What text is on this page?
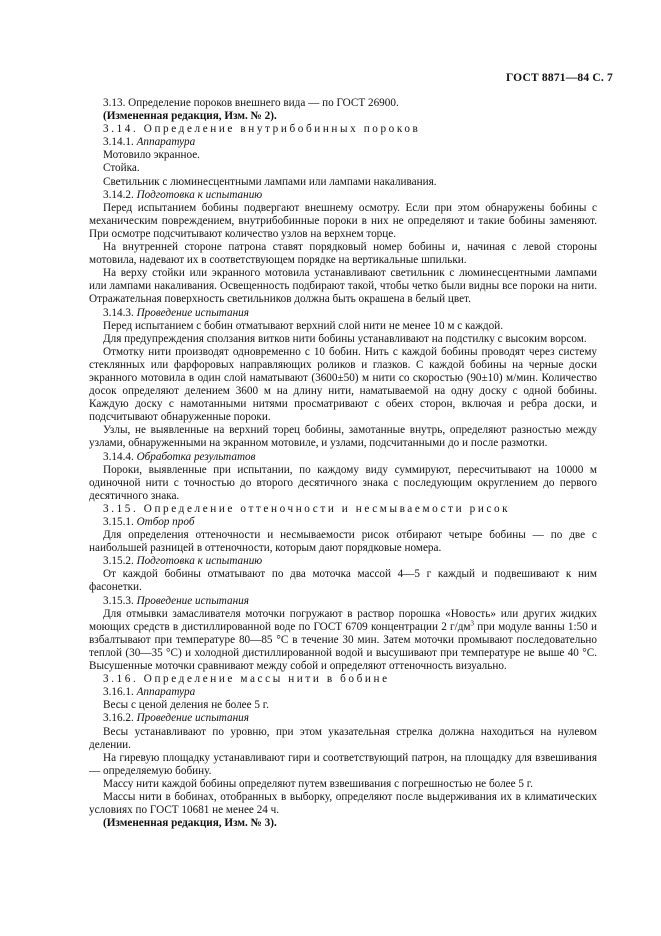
ГОСТ 8871—84 С. 7

3.13. Определение пороков внешнего вида — по ГОСТ 26900.

(Измененная редакция, Изм. № 2).

3.14. Определение внутрибобинных пороков

3.14.1. Аппаратура

Мотовило экранное.

Стойка.

Светильник с люминесцентными лампами или лампами накаливания.

3.14.2. Подготовка к испытанию

Перед испытанием бобины подвергают внешнему осмотру. Если при этом обнаружены бобины с механическим повреждением, внутрибобинные пороки в них не определяют и такие бобины заменяют. При осмотре подсчитывают количество узлов на верхнем торце.

На внутренней стороне патрона ставят порядковый номер бобины и, начиная с левой стороны мотовила, надевают их в соответствующем порядке на вертикальные шпильки.

На верху стойки или экранного мотовила устанавливают светильник с люминесцентными лампами или лампами накаливания. Освещенность подбирают такой, чтобы четко были видны все пороки на нити. Отражательная поверхность светильников должна быть окрашена в белый цвет.

3.14.3. Проведение испытания

Перед испытанием с бобин отматывают верхний слой нити не менее 10 м с каждой.

Для предупреждения сползания витков нити бобины устанавливают на подстилку с высоким ворсом.

Отмотку нити производят одновременно с 10 бобин. Нить с каждой бобины проводят через систему стеклянных или фарфоровых направляющих роликов и глазков. С каждой бобины на черные доски экранного мотовила в один слой наматывают (3600±50) м нити со скоростью (90±10) м/мин. Количество досок определяют делением 3600 м на длину нити, наматываемой на одну доску с одной бобины. Каждую доску с намотанными нитями просматривают с обеих сторон, включая и ребра доски, и подсчитывают обнаруженные пороки.

Узлы, не выявленные на верхний торец бобины, замотанные внутрь, определяют разностью между узлами, обнаруженными на экранном мотовиле, и узлами, подсчитанными до и после размотки.

3.14.4. Обработка результатов

Пороки, выявленные при испытании, по каждому виду суммируют, пересчитывают на 10000 м одиночной нити с точностью до второго десятичного знака с последующим округлением до первого десятичного знака.

3.15. Определение оттеночности и несмываемости рисок

3.15.1. Отбор проб

Для определения оттеночности и несмываемости рисок отбирают четыре бобины — по две с наибольшей разницей в оттеночности, которым дают порядковые номера.

3.15.2. Подготовка к испытанию

От каждой бобины отматывают по два моточка массой 4—5 г каждый и подвешивают к ним фасонетки.

3.15.3. Проведение испытания

Для отмывки замасливателя моточки погружают в раствор порошка «Новость» или других жидких моющих средств в дистиллированной воде по ГОСТ 6709 концентрации 2 $г/дм^3$ при модуле ванны 1:50 и взбалтывают при температуре 80—85 °С в течение 30 мин. Затем моточки промывают последовательно теплой (30—35 °С) и холодной дистиллированной водой и высушивают при температуре не выше 40 °С. Высушенные моточки сравнивают между собой и определяют оттеночность визуально.

3.16. Определение массы нити в бобине

3.16.1. Аппаратура

Весы с ценой деления не более 5 г.

3.16.2. Проведение испытания

Весы устанавливают по уровню, при этом указательная стрелка должна находиться на нулевом делении.

На гиревую площадку устанавливают гири и соответствующий патрон, на площадку для взвешивания — определяемую бобину.

Массу нити каждой бобины определяют путем взвешивания с погрешностью не более 5 г.

Массы нити в бобинах, отобранных в выборку, определяют после выдерживания их в климатических условиях по ГОСТ 10681 не менее 24 ч.

(Измененная редакция, Изм. № 3).
